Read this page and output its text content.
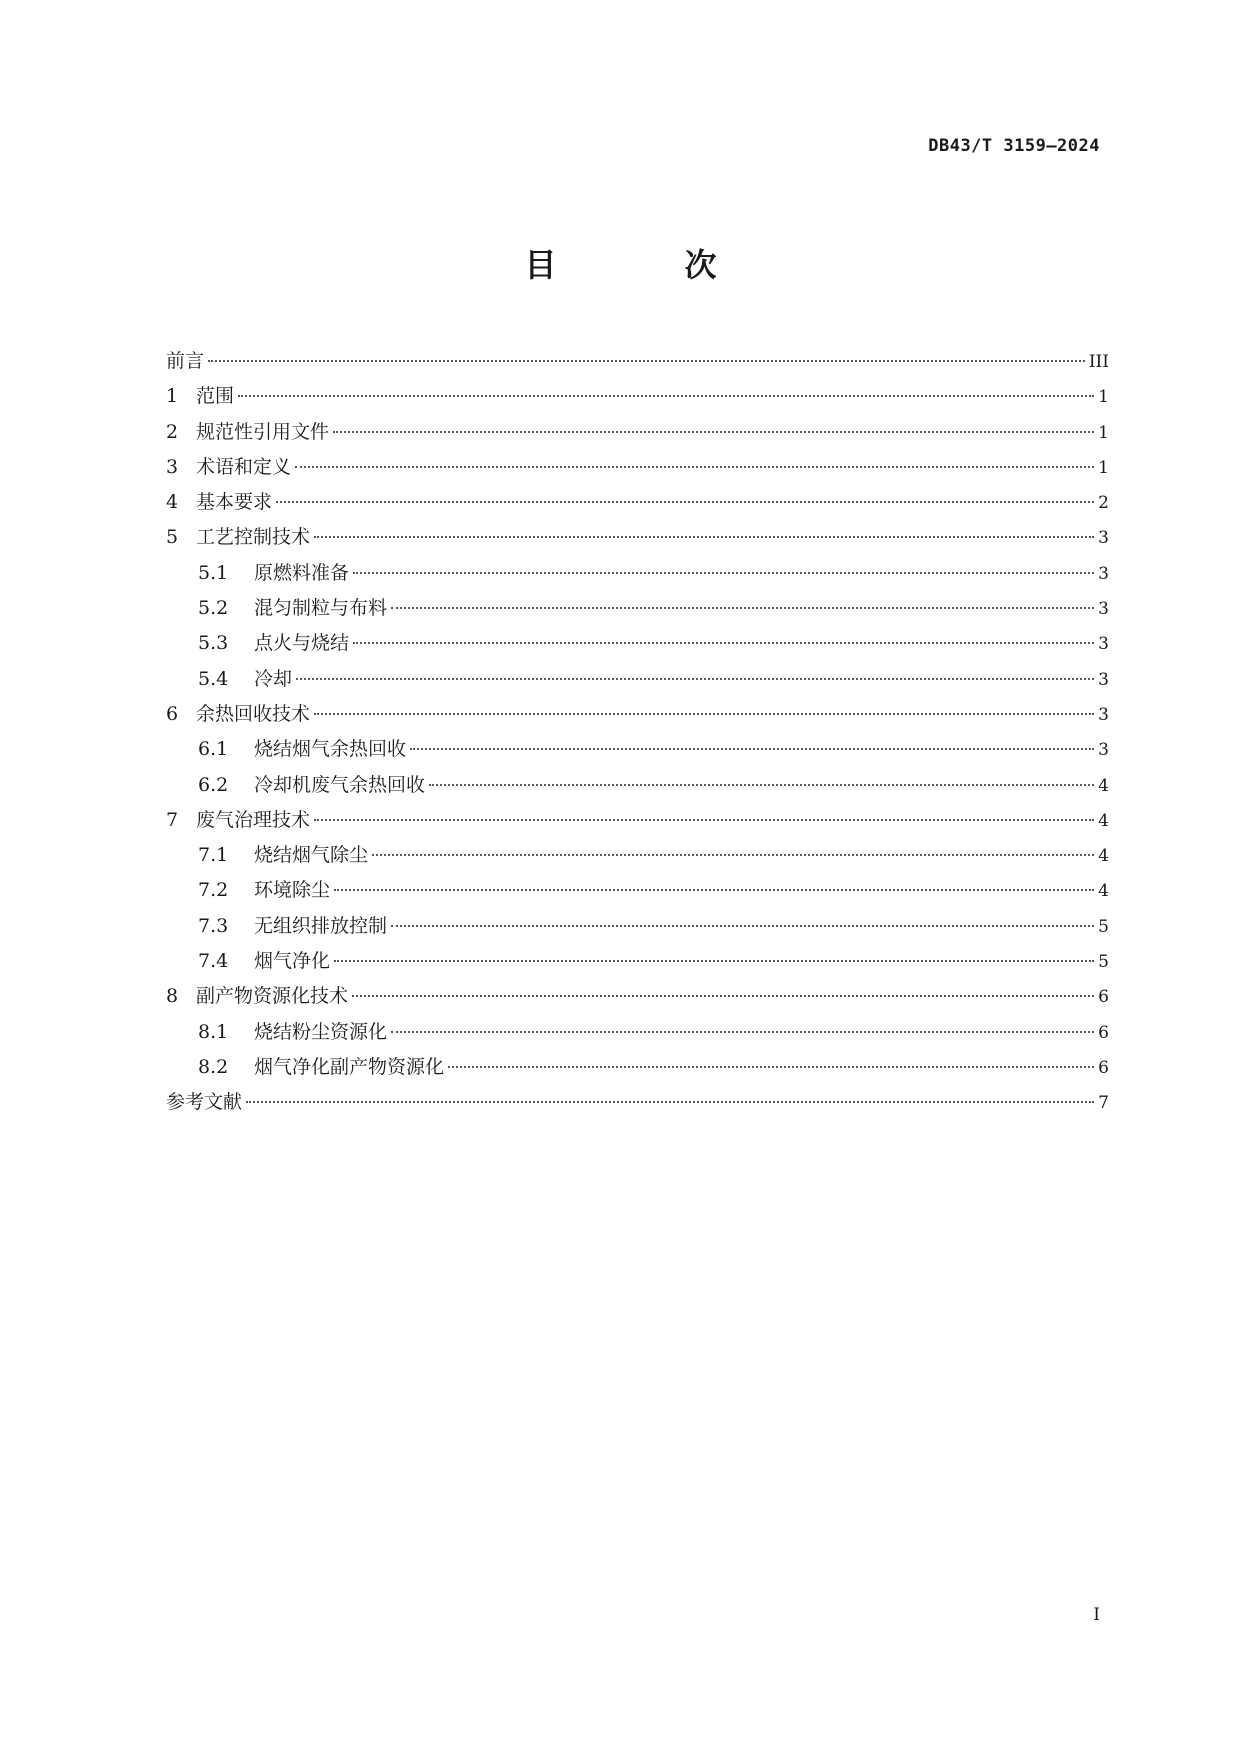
DB43/T 3159—2024
目　次
前言	III
1 范围	1
2 规范性引用文件	1
3 术语和定义	1
4 基本要求	2
5 工艺控制技术	3
5.1	原燃料准备	3
5.2	混匀制粒与布料	3
5.3	点火与烧结	3
5.4	冷却	3
6 余热回收技术	3
6.1	烧结烟气余热回收	3
6.2	冷却机废气余热回收	4
7 废气治理技术	4
7.1	烧结烟气除尘	4
7.2	环境除尘	4
7.3	无组织排放控制	5
7.4	烟气净化	5
8 副产物资源化技术	6
8.1	烧结粉尘资源化	6
8.2	烟气净化副产物资源化	6
参考文献	7
I
